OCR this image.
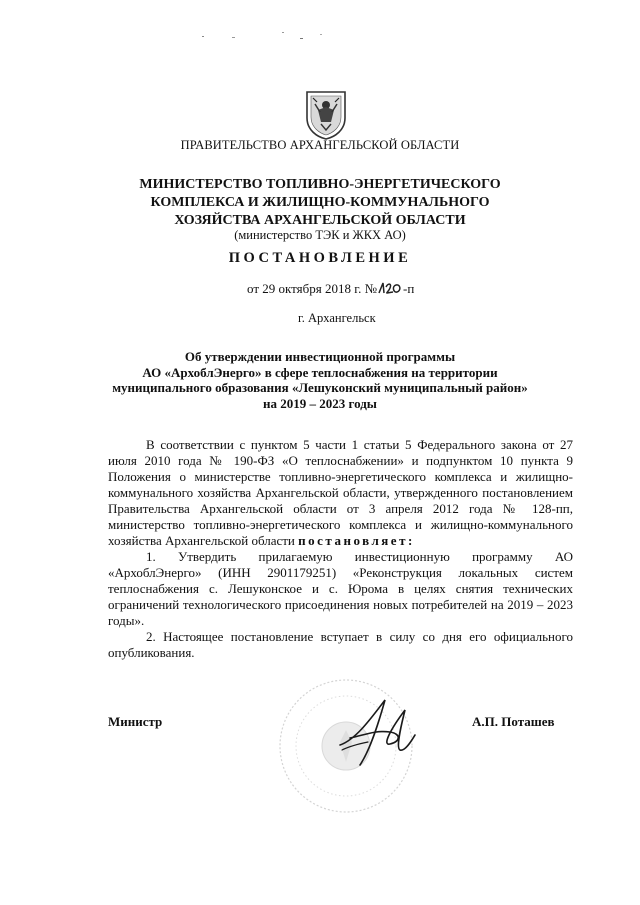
ПРАВИТЕЛЬСТВО АРХАНГЕЛЬСКОЙ ОБЛАСТИ
МИНИСТЕРСТВО ТОПЛИВНО-ЭНЕРГЕТИЧЕСКОГО
КОМПЛЕКСА И ЖИЛИЩНО-КОММУНАЛЬНОГО
ХОЗЯЙСТВА АРХАНГЕЛЬСКОЙ ОБЛАСТИ
(министерство ТЭК и ЖКХ АО)
ПОСТАНОВЛЕНИЕ
от 29 октября 2018 г. № -п
г. Архангельск
Об утверждении инвестиционной программы
АО «АрхоблЭнерго» в сфере теплоснабжения на территории
муниципального образования «Лешуконский муниципальный район»
на 2019 – 2023 годы

В соответствии с пунктом 5 части 1 статьи 5 Федерального закона от 27 июля 2010 года № 190-ФЗ «О теплоснабжении» и подпунктом 10 пункта 9 Положения о министерстве топливно-энергетического комплекса и жилищно-коммунального хозяйства Архангельской области, утвержденного постановлением Правительства Архангельской области от 3 апреля 2012 года № 128-пп, министерство топливно-энергетического комплекса и жилищно-коммунального хозяйства Архангельской области постановляет:

1. Утвердить прилагаемую инвестиционную программу АО «АрхоблЭнерго» (ИНН 2901179251) «Реконструкция локальных систем теплоснабжения с. Лешуконское и с. Юрома в целях снятия технических ограничений технологического присоединения новых потребителей на 2019 – 2023 годы».

2. Настоящее постановление вступает в силу со дня его официального опубликования.

Министр	А.П. Поташев
